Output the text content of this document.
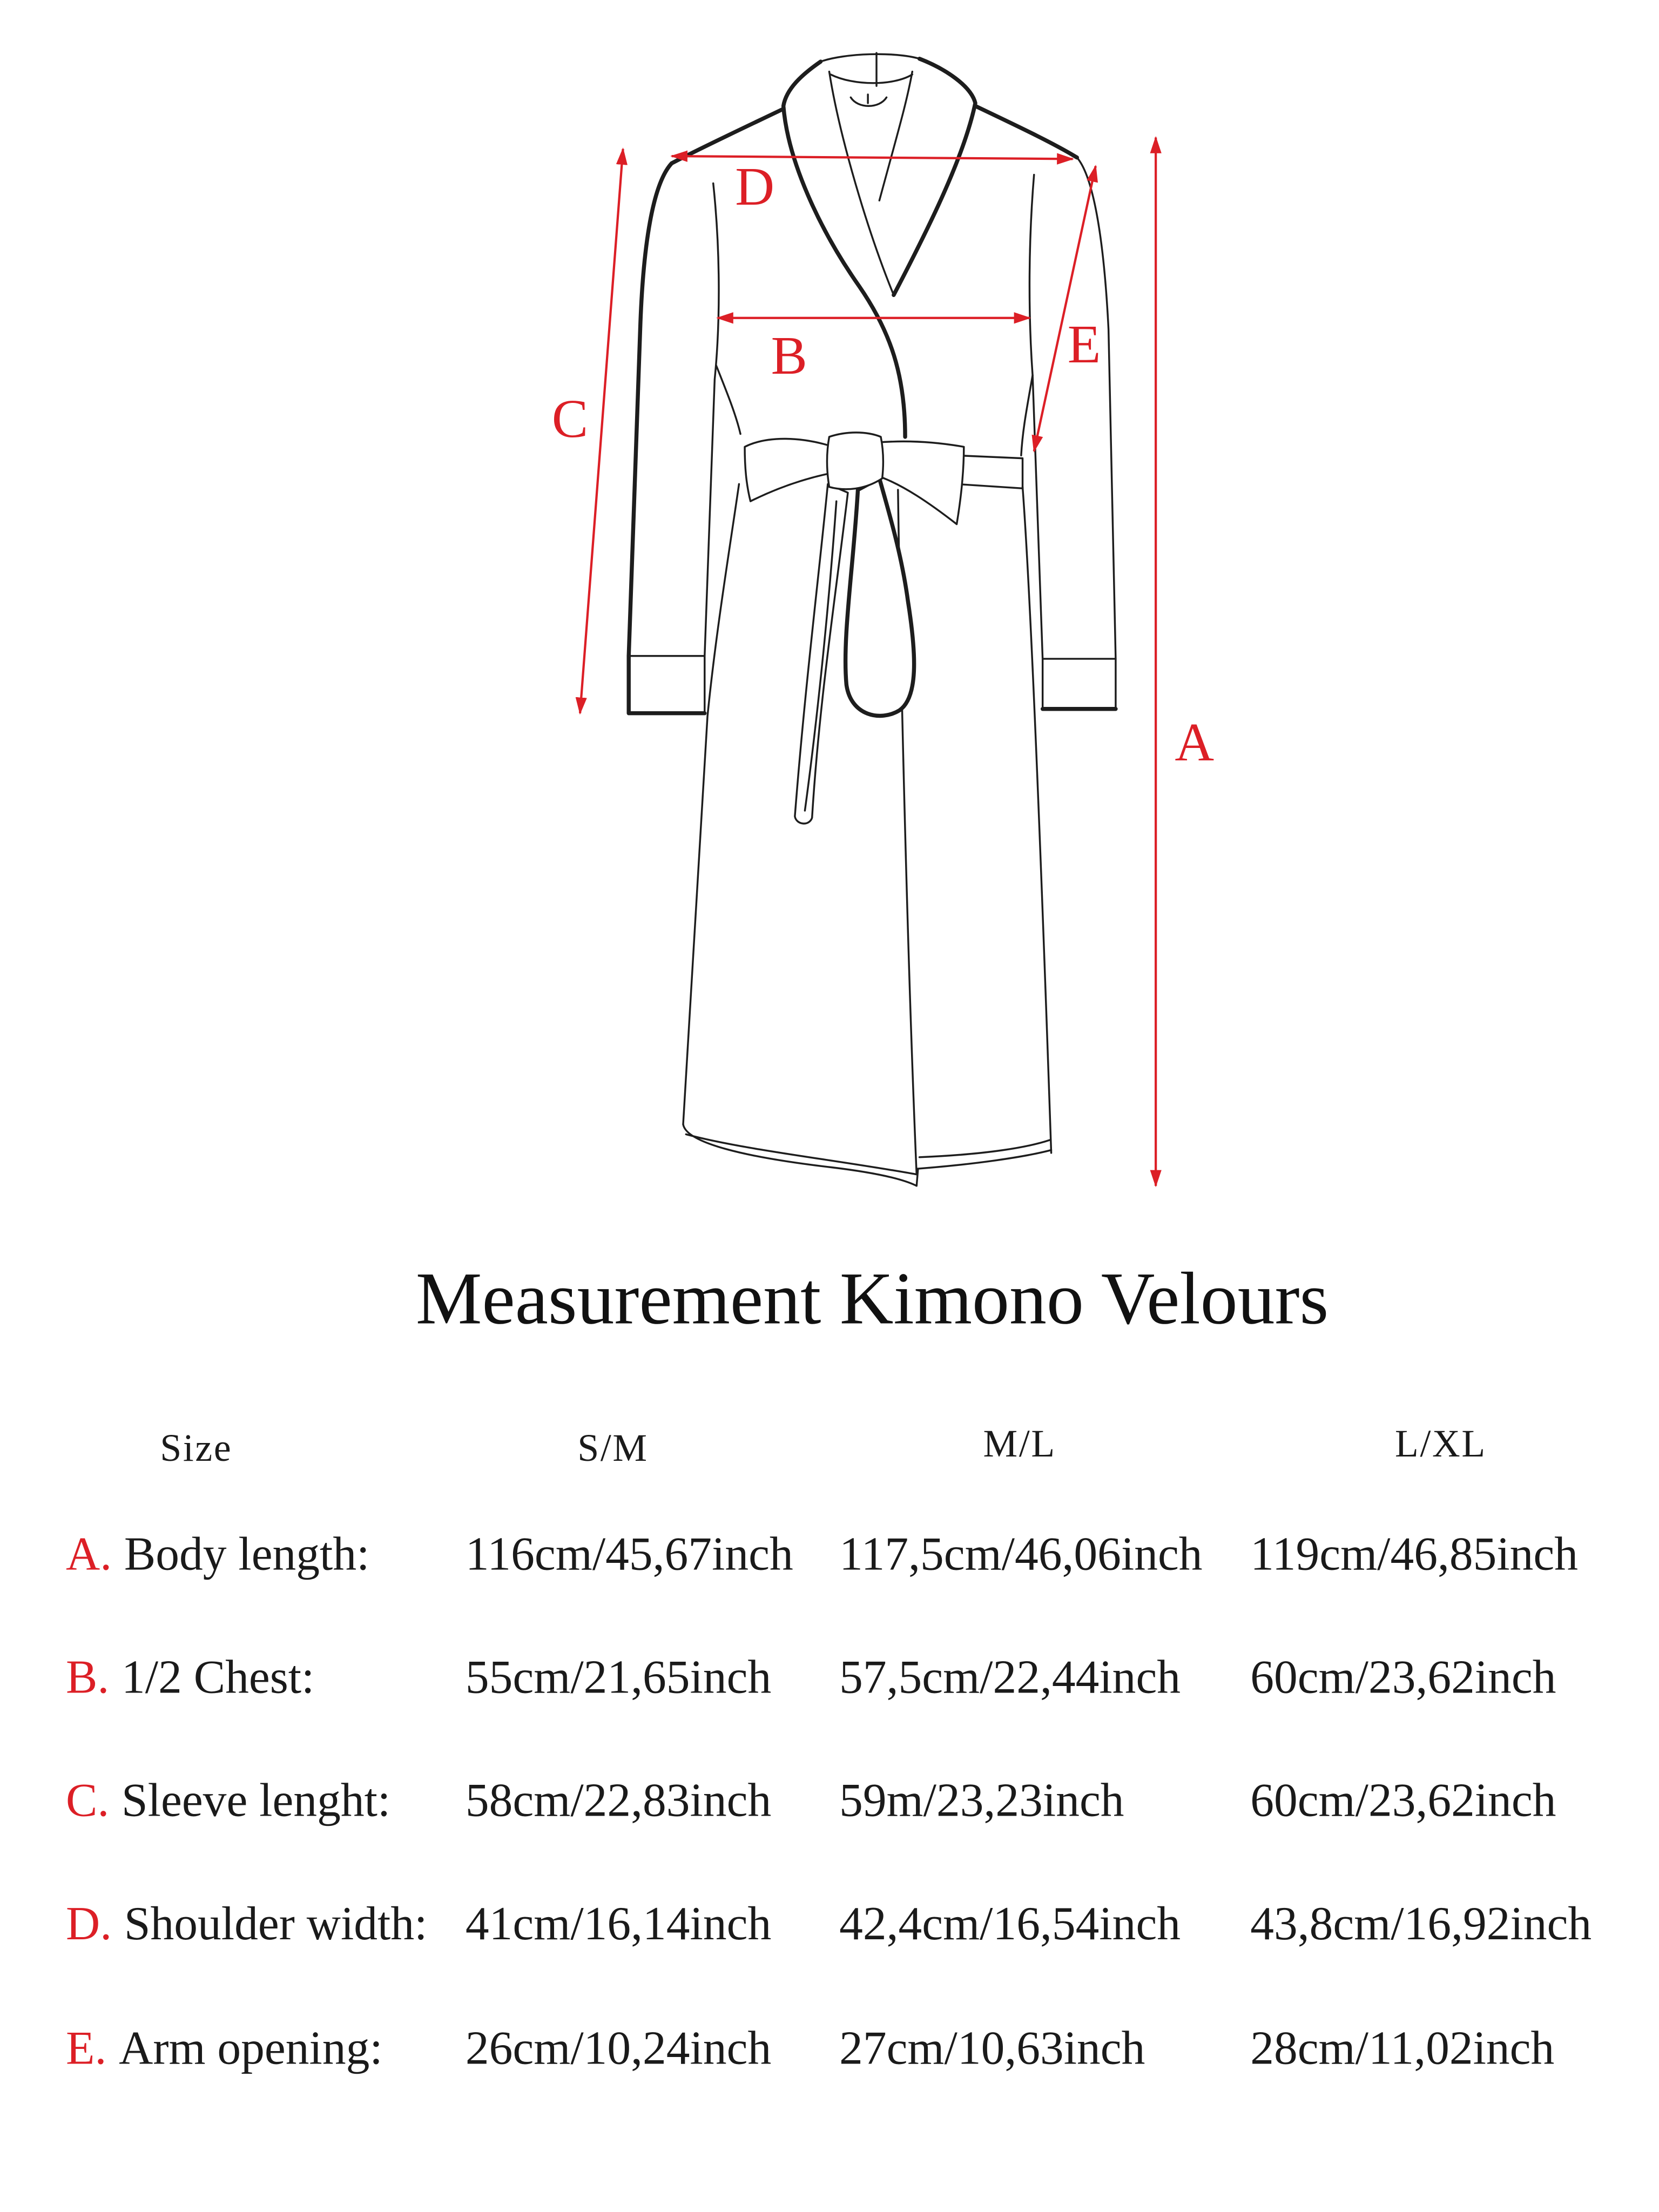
A
B
C
D
E
Measurement Kimono Velours
Size	S/M	M/L	L/XL
A. Body length:	116cm/45,67inch	117,5cm/46,06inch	119cm/46,85inch
B. 1/2 Chest:	55cm/21,65inch	57,5cm/22,44inch	60cm/23,62inch
C. Sleeve lenght:	58cm/22,83inch	59m/23,23inch	60cm/23,62inch
D. Shoulder width: 41cm/16,14inch	42,4cm/16,54inch	43,8cm/16,92inch
E. Arm opening:	26cm/10,24inch	27cm/10,63inch	28cm/11,02inch
